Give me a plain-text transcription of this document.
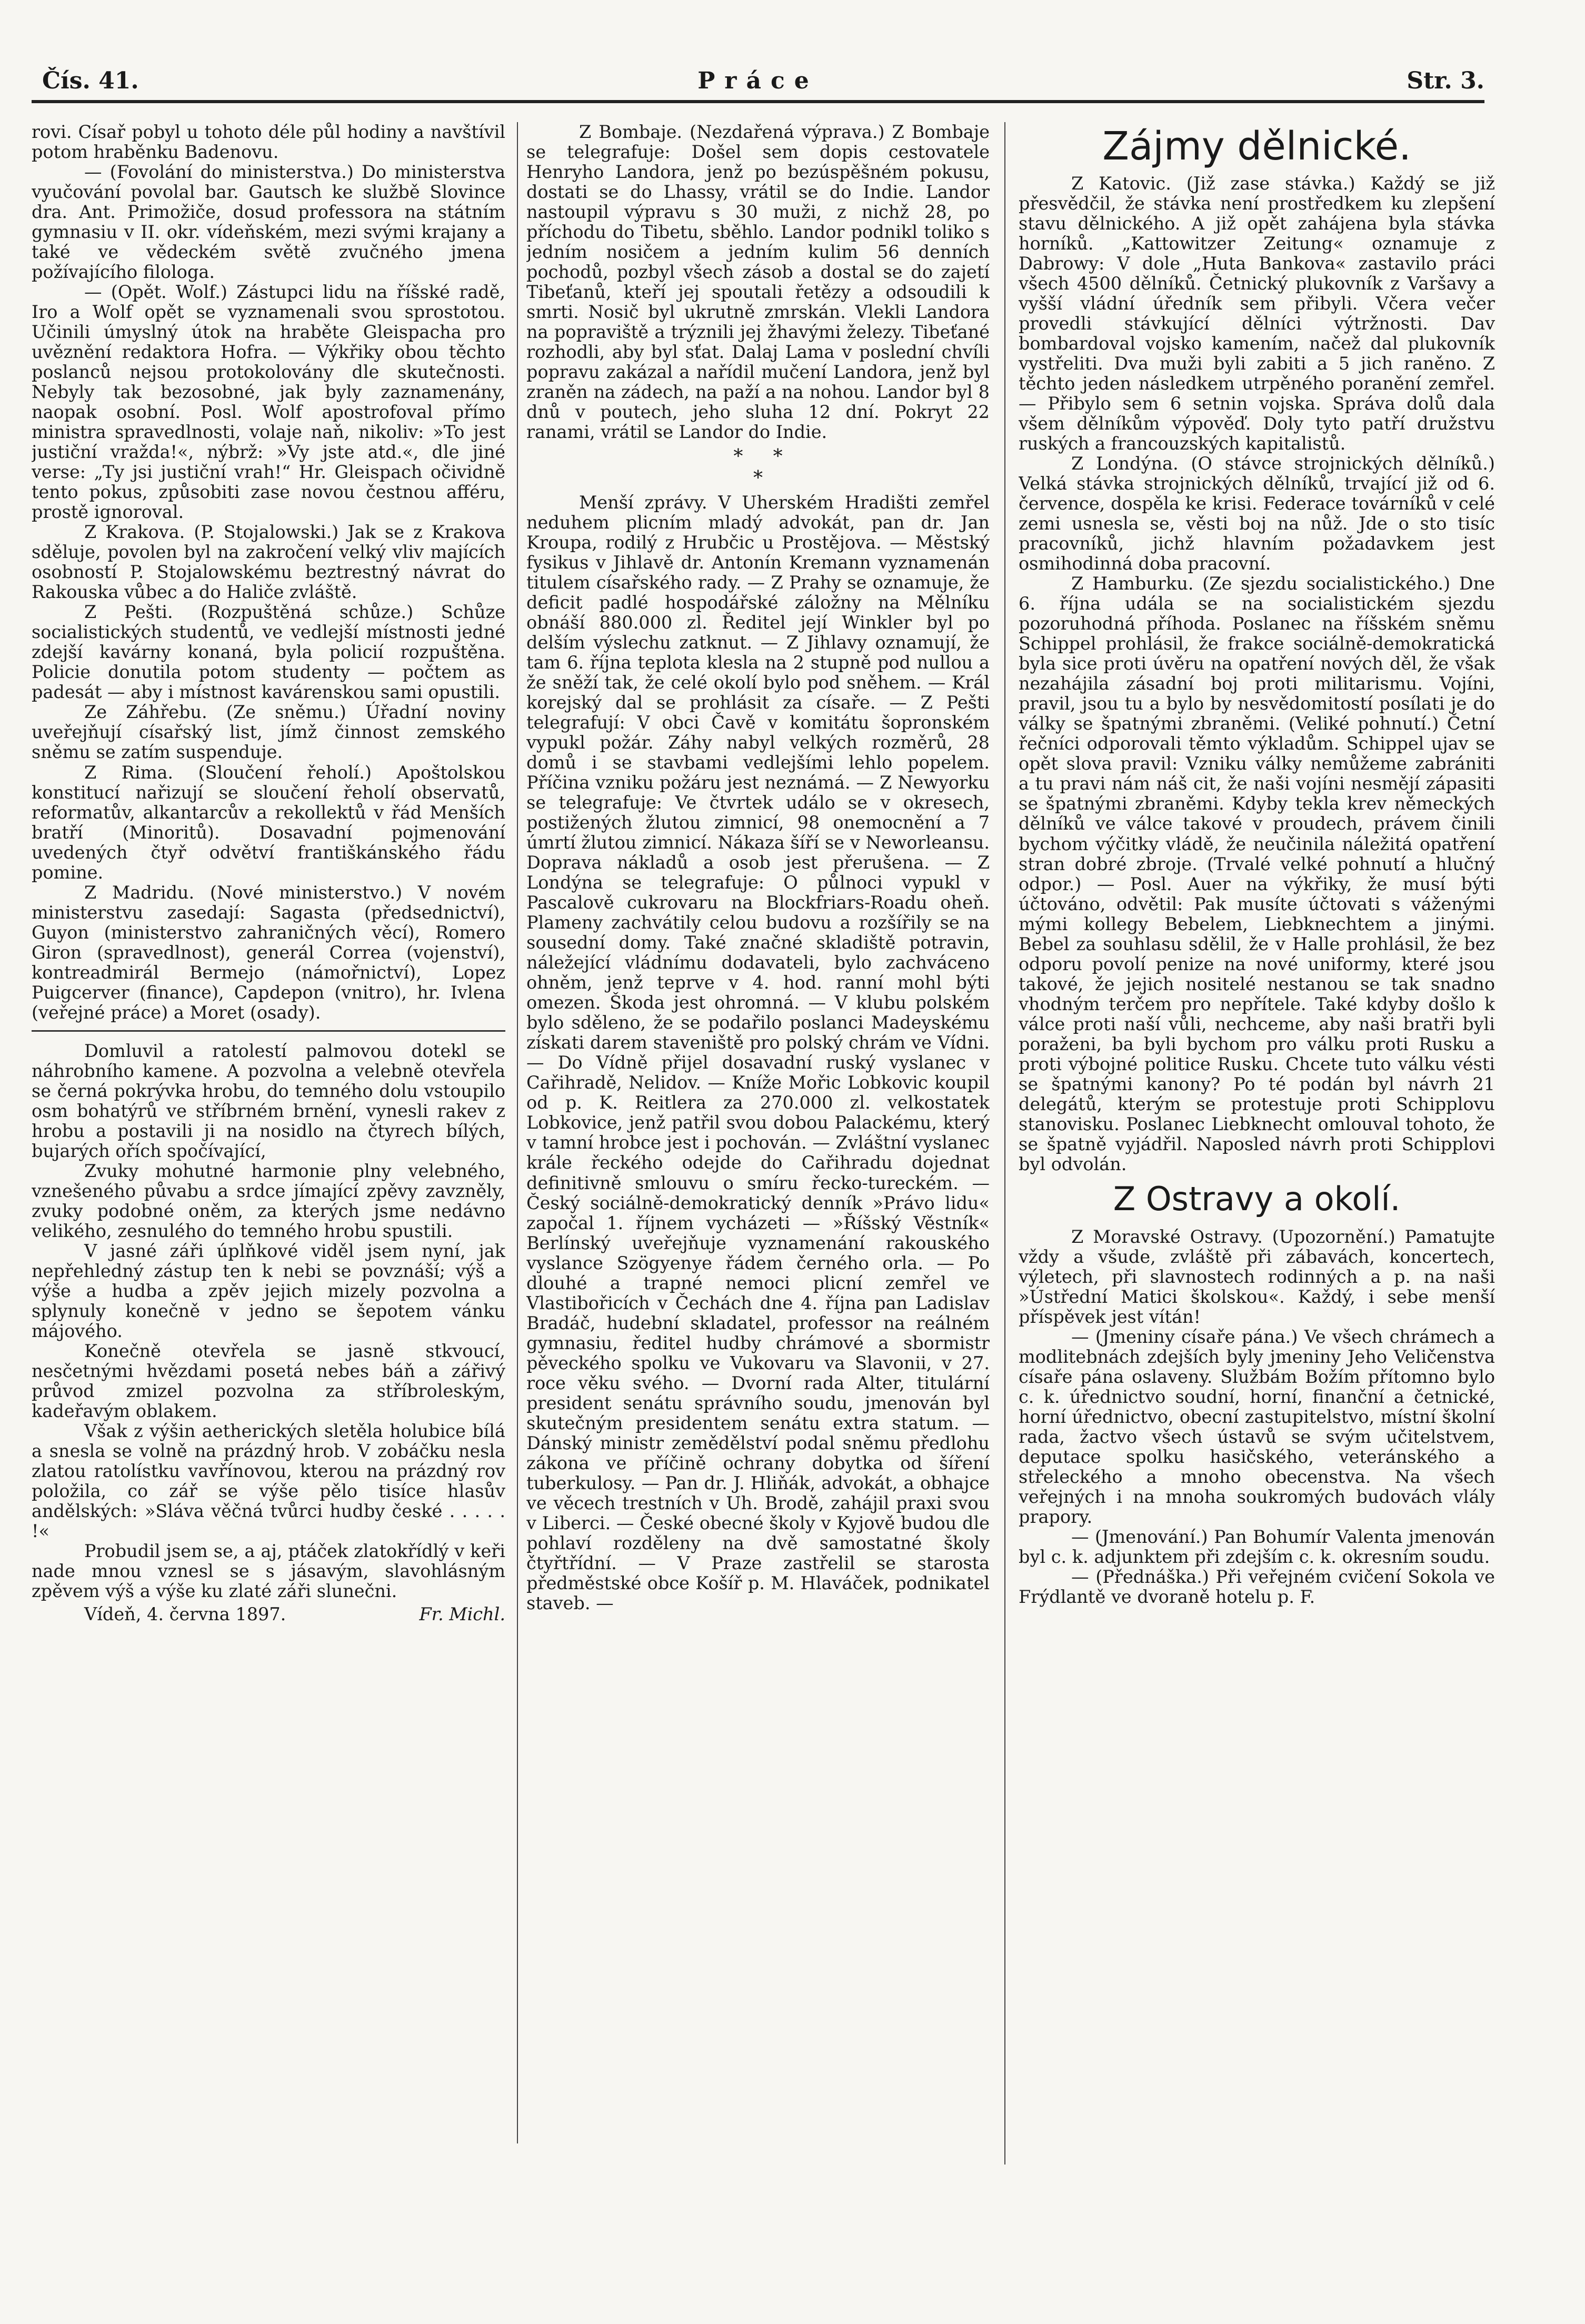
Čís. 41.	Práce	Str. 3.

rovi. Císař pobyl u tohoto déle půl hodiny a navštívil potom hraběnku Badenovu.

— (Fovolání do ministerstva.) Do ministerstva vyučování povolal bar. Gautsch ke službě Slovince dra. Ant. Primožiče, dosud professora na státním gymnasiu v II. okr. vídeňském, mezi svými krajany a také ve vědeckém světě zvučného jmena požívajícího filologa.

— (Opět. Wolf.) Zástupci lidu na říšské radě, Iro a Wolf opět se vyznamenali svou sprostotou. Učinili úmyslný útok na hraběte Gleispacha pro uvěznění redaktora Hofra. — Výkřiky obou těchto poslanců nejsou protokolovány dle skutečnosti. Nebyly tak bezosobné, jak byly zaznamenány, naopak osobní. Posl. Wolf apostrofoval přímo ministra spravedlnosti, volaje naň, nikoliv: »To jest justiční vražda!«, nýbrž: »Vy jste atd.«, dle jiné verse: „Ty jsi justiční vrah!“ Hr. Gleispach očividně tento pokus, způsobiti zase novou čestnou afféru, prostě ignoroval.

Z Krakova. (P. Stojalowski.) Jak se z Krakova sděluje, povolen byl na zakročení velký vliv majících osobností P. Stojalowskému beztrestný návrat do Rakouska vůbec a do Haliče zvláště.

Z Pešti. (Rozpuštěná schůze.) Schůze socialistických studentů, ve vedlejší místnosti jedné zdejší kavárny konaná, byla policií rozpuštěna. Policie donutila potom studenty — počtem as padesát — aby i místnost kavárenskou sami opustili.

Ze Záhřebu. (Ze sněmu.) Úřadní noviny uveřejňují císařský list, jímž činnost zemského sněmu se zatím suspenduje.

Z Rima. (Sloučení řeholí.) Apoštolskou konstitucí nařizují se sloučení řeholí observatů, reformatův, alkantarcův a rekollektů v řád Menších bratří (Minoritů). Dosavadní pojmenování uvedených čtyř odvětví františkánského řádu pomine.

Z Madridu. (Nové ministerstvo.) V novém ministerstvu zasedají: Sagasta (předsednictví), Guyon (ministerstvo zahraničných věcí), Romero Giron (spravedlnost), generál Correa (vojenství), kontreadmirál Bermejo (námořnictví), Lopez Puigcerver (finance), Capdepon (vnitro), hr. Ivlena (veřejné práce) a Moret (osady).

Domluvil a ratolestí palmovou dotekl se náhrobního kamene. A pozvolna a velebně otevřela se černá pokrývka hrobu, do temného dolu vstoupilo osm bohatýrů ve stříbrném brnění, vynesli rakev z hrobu a postavili ji na nosidlo na čtyrech bílých, bujarých ořích spočívající,

Zvuky mohutné harmonie plny velebného, vznešeného půvabu a srdce jímající zpěvy zavzněly, zvuky podobné oněm, za kterých jsme nedávno velikého, zesnulého do temného hrobu spustili.

V jasné záři úplňkové viděl jsem nyní, jak nepřehledný zástup ten k nebi se povznáší; výš a výše a hudba a zpěv jejich mizely pozvolna a splynuly konečně v jedno se šepotem vánku májového.

Konečně otevřela se jasně stkvoucí, nesčetnými hvězdami posetá nebes báň a zářivý průvod zmizel pozvolna za stříbroleským, kadeřavým oblakem.

Však z výšin aetherických sletěla holubice bílá a snesla se volně na prázdný hrob. V zobáčku nesla zlatou ratolístku vavřínovou, kterou na prázdný rov položila, co zář se výše pělo tisíce hlasův andělských: »Sláva věčná tvůrci hudby české . . . . . !«

Probudil jsem se, a aj, ptáček zlatokřídlý v keři nade mnou vznesl se s jásavým, slavohlásným zpěvem výš a výše ku zlaté záři slunečni.

Vídeň, 4. června 1897.	Fr. Michl.

Z Bombaje. (Nezdařená výprava.) Z Bombaje se telegrafuje: Došel sem dopis cestovatele Henryho Landora, jenž po bezúspěšném pokusu, dostati se do Lhassy, vrátil se do Indie. Landor nastoupil výpravu s 30 muži, z nichž 28, po příchodu do Tibetu, sběhlo. Landor podnikl toliko s jedním nosičem a jedním kulim 56 denních pochodů, pozbyl všech zásob a dostal se do zajetí Tibeťanů, kteří jej spoutali řetězy a odsoudili k smrti. Nosič byl ukrutně zmrskán. Vlekli Landora na popraviště a trýznili jej žhavými železy. Tibeťané rozhodli, aby byl sťat. Dalaj Lama v poslední chvíli popravu zakázal a nařídil mučení Landora, jenž byl zraněn na zádech, na paží a na nohou. Landor byl 8 dnů v poutech, jeho sluha 12 dní. Pokryt 22 ranami, vrátil se Landor do Indie.

*     *
*

Menší zprávy. V Uherském Hradišti zemřel neduhem plicním mladý advokát, pan dr. Jan Kroupa, rodilý z Hrubčic u Prostějova. — Městský fysikus v Jihlavě dr. Antonín Kremann vyznamenán titulem císařského rady. — Z Prahy se oznamuje, že deficit padlé hospodářské záložny na Mělníku obnáší 880.000 zl. Ředitel její Winkler byl po delším výslechu zatknut. — Z Jihlavy oznamují, že tam 6. října teplota klesla na 2 stupně pod nullou a že sněží tak, že celé okolí bylo pod sněhem. — Král korejský dal se prohlásit za císaře. — Z Pešti telegrafují: V obci Čavě v komitátu šopronském vypukl požár. Záhy nabyl velkých rozměrů, 28 domů i se stavbami vedlejšími lehlo popelem. Příčina vzniku požáru jest neznámá. — Z Newyorku se telegrafuje: Ve čtvrtek událo se v okresech, postižených žlutou zimnicí, 98 onemocnění a 7 úmrtí žlutou zimnicí. Nákaza šíří se v Neworleansu. Doprava nákladů a osob jest přerušena. — Z Londýna se telegrafuje: O půlnoci vypukl v Pascalově cukrovaru na Blockfriars-Roadu oheň. Plameny zachvátily celou budovu a rozšířily se na sousední domy. Také značné skladiště potravin, náležející vládnímu dodavateli, bylo zachváceno ohněm, jenž teprve v 4. hod. ranní mohl býti omezen. Škoda jest ohromná. — V klubu polském bylo sděleno, že se podařilo poslanci Madeyskému získati darem staveniště pro polský chrám ve Vídni. — Do Vídně přijel dosavadní ruský vyslanec v Cařihradě, Nelidov. — Kníže Mořic Lobkovic koupil od p. K. Reitlera za 270.000 zl. velkostatek Lobkovice, jenž patřil svou dobou Palackému, který v tamní hrobce jest i pochován. — Zvláštní vyslanec krále řeckého odejde do Cařihradu dojednat definitivně smlouvu o smíru řecko-tureckém. — Český sociálně-demokratický denník »Právo lidu« započal 1. říjnem vycházeti — »Říšský Věstník« Berlínský uveřejňuje vyznamenání rakouského vyslance Szögyenye řádem černého orla. — Po dlouhé a trapné nemoci plicní zemřel ve Vlastibořicích v Čechách dne 4. října pan Ladislav Bradáč, hudební skladatel, professor na reálném gymnasiu, ředitel hudby chrámové a sbormistr pěveckého spolku ve Vukovaru va Slavonii, v 27. roce věku svého. — Dvorní rada Alter, titulární president senátu správního soudu, jmenován byl skutečným presidentem senátu extra statum. — Dánský ministr zemědělství podal sněmu předlohu zákona ve příčině ochrany dobytka od šíření tuberkulosy. — Pan dr. J. Hliňák, advokát, a obhajce ve věcech trestních v Uh. Brodě, zahájil praxi svou v Liberci. — České obecné školy v Kyjově budou dle pohlaví rozděleny na dvě samostatné školy čtyřtřídní. — V Praze zastřelil se starosta předměstské obce Košíř p. M. Hlaváček, podnikatel staveb. —

Zájmy dělnické.

Z Katovic. (Již zase stávka.) Každý se již přesvědčil, že stávka není prostředkem ku zlepšení stavu dělnického. A již opět zahájena byla stávka horníků. „Kattowitzer Zeitung« oznamuje z Dabrowy: V dole „Huta Bankova« zastavilo práci všech 4500 dělníků. Četnický plukovník z Varšavy a vyšší vládní úředník sem přibyli. Včera večer provedli stávkující dělníci výtržnosti. Dav bombardoval vojsko kamením, načež dal plukovník vystřeliti. Dva muži byli zabiti a 5 jich raněno. Z těchto jeden následkem utrpěného poranění zemřel. — Přibylo sem 6 setnin vojska. Správa dolů dala všem dělníkům výpověď. Doly tyto patří družstvu ruských a francouzských kapitalistů.

Z Londýna. (O stávce strojnických dělníků.) Velká stávka strojnických dělníků, trvající již od 6. července, dospěla ke krisi. Federace továrníků v celé zemi usnesla se, věsti boj na nůž. Jde o sto tisíc pracovníků, jichž hlavním požadavkem jest osmihodinná doba pracovní.

Z Hamburku. (Ze sjezdu socialistického.) Dne 6. října udála se na socialistickém sjezdu pozoruhodná příhoda. Poslanec na říšském sněmu Schippel prohlásil, že frakce sociálně-demokratická byla sice proti úvěru na opatření nových děl, že však nezahájila zásadní boj proti militarismu. Vojíni, pravil, jsou tu a bylo by nesvědomitostí posílati je do války se špatnými zbraněmi. (Veliké pohnutí.) Četní řečníci odporovali těmto výkladům. Schippel ujav se opět slova pravil: Vzniku války nemůžeme zabrániti a tu pravi nám náš cit, že naši vojíni nesmějí zápasiti se špatnými zbraněmi. Kdyby tekla krev německých dělníků ve válce takové v proudech, právem činili bychom výčitky vládě, že neučinila náležitá opatření stran dobré zbroje. (Trvalé velké pohnutí a hlučný odpor.) — Posl. Auer na výkřiky, že musí býti účtováno, odvětil: Pak musíte účtovati s váženými mými kollegy Bebelem, Liebknechtem a jinými. Bebel za souhlasu sdělil, že v Halle prohlásil, že bez odporu povolí penize na nové uniformy, které jsou takové, že jejich nositelé nestanou se tak snadno vhodným terčem pro nepřítele. Také kdyby došlo k válce proti naší vůli, nechceme, aby naši bratři byli poraženi, ba byli bychom pro válku proti Rusku a proti výbojné politice Rusku. Chcete tuto válku vésti se špatnými kanony? Po té podán byl návrh 21 delegátů, kterým se protestuje proti Schipplovu stanovisku. Poslanec Liebknecht omlouval tohoto, že se špatně vyjádřil. Naposled návrh proti Schipplovi byl odvolán.

Z Ostravy a okolí.

Z Moravské Ostravy. (Upozornění.) Pamatujte vždy a všude, zvláště při zábavách, koncertech, výletech, při slavnostech rodinných a p. na naši »Ústřední Matici školskou«. Každý, i sebe menší příspěvek jest vítán!

— (Jmeniny císaře pána.) Ve všech chrámech a modlitebnách zdejších byly jmeniny Jeho Veličenstva císaře pána oslaveny. Službám Božím přítomno bylo c. k. úřednictvo soudní, horní, finanční a četnické, horní úřednictvo, obecní zastupitelstvo, místní školní rada, žactvo všech ústavů se svým učitelstvem, deputace spolku hasičského, veteránského a střeleckého a mnoho obecenstva. Na všech veřejných i na mnoha soukromých budovách vlály prapory.

— (Jmenování.) Pan Bohumír Valenta jmenován byl c. k. adjunktem při zdejším c. k. okresním soudu.

— (Přednáška.) Při veřejném cvičení Sokola ve Frýdlantě ve dvoraně hotelu p. F.
